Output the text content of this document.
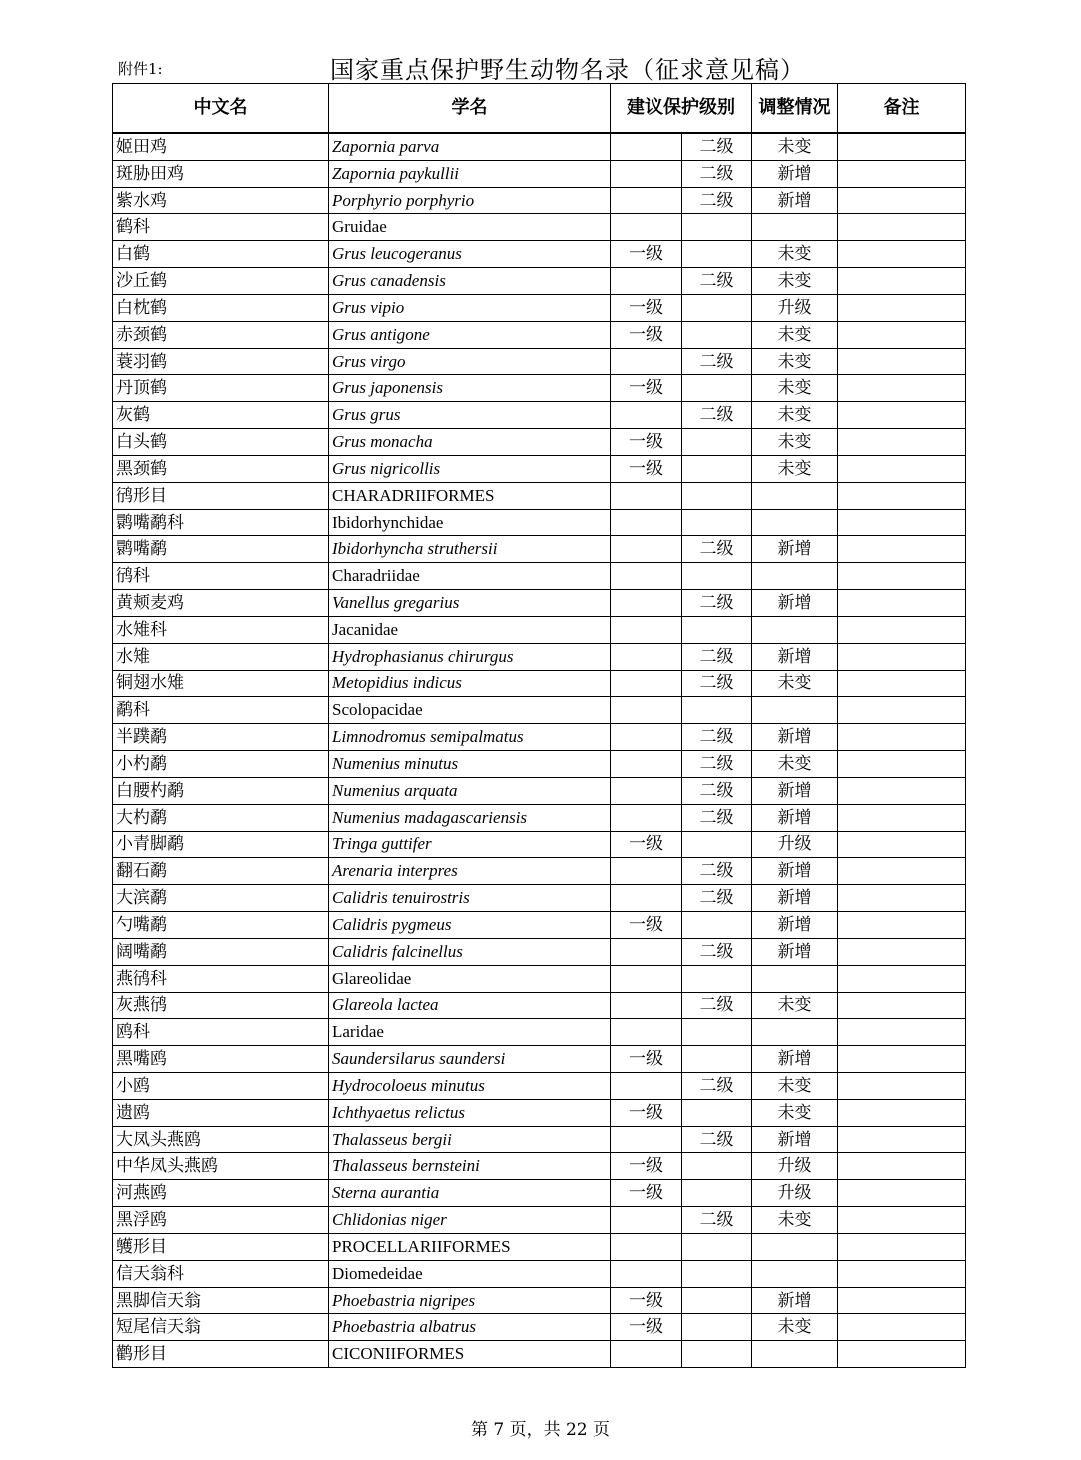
附件1:	国家重点保护野生动物名录（征求意见稿）
中文名	学名	建议保护级别		调整情况	备注
姬田鸡	Zapornia parva		二级	未变	
斑胁田鸡	Zapornia paykullii		二级	新增	
紫水鸡	Porphyrio porphyrio		二级	新增	
鹤科	Gruidae				
白鹤	Grus leucogeranus	一级		未变	
沙丘鹤	Grus canadensis		二级	未变	
白枕鹤	Grus vipio	一级		升级	
赤颈鹤	Grus antigone	一级		未变	
蓑羽鹤	Grus virgo		二级	未变	
丹顶鹤	Grus japonensis	一级		未变	
灰鹤	Grus grus		二级	未变	
白头鹤	Grus monacha	一级		未变	
黑颈鹤	Grus nigricollis	一级		未变	
鸻形目	CHARADRIIFORMES				
鹮嘴鹬科	Ibidorhynchidae				
鹮嘴鹬	Ibidorhyncha struthersii		二级	新增	
鸻科	Charadriidae				
黄颊麦鸡	Vanellus gregarius		二级	新增	
水雉科	Jacanidae				
水雉	Hydrophasianus chirurgus		二级	新增	
铜翅水雉	Metopidius indicus		二级	未变	
鹬科	Scolopacidae				
半蹼鹬	Limnodromus semipalmatus		二级	新增	
小杓鹬	Numenius minutus		二级	未变	
白腰杓鹬	Numenius arquata		二级	新增	
大杓鹬	Numenius madagascariensis		二级	新增	
小青脚鹬	Tringa guttifer	一级		升级	
翻石鹬	Arenaria interpres		二级	新增	
大滨鹬	Calidris tenuirostris		二级	新增	
勺嘴鹬	Calidris pygmeus	一级		新增	
阔嘴鹬	Calidris falcinellus		二级	新增	
燕鸻科	Glareolidae				
灰燕鸻	Glareola lactea		二级	未变	
鸥科	Laridae				
黑嘴鸥	Saundersilarus saundersi	一级		新增	
小鸥	Hydrocoloeus minutus		二级	未变	
遗鸥	Ichthyaetus relictus	一级		未变	
大凤头燕鸥	Thalasseus bergii		二级	新增	
中华凤头燕鸥	Thalasseus bernsteini	一级		升级	
河燕鸥	Sterna aurantia	一级		升级	
黑浮鸥	Chlidonias niger		二级	未变	
鹱形目	PROCELLARIIFORMES				
信天翁科	Diomedeidae				
黑脚信天翁	Phoebastria nigripes	一级		新增	
短尾信天翁	Phoebastria albatrus	一级		未变	
鹳形目	CICONIIFORMES				
第 7 页，共 22 页
